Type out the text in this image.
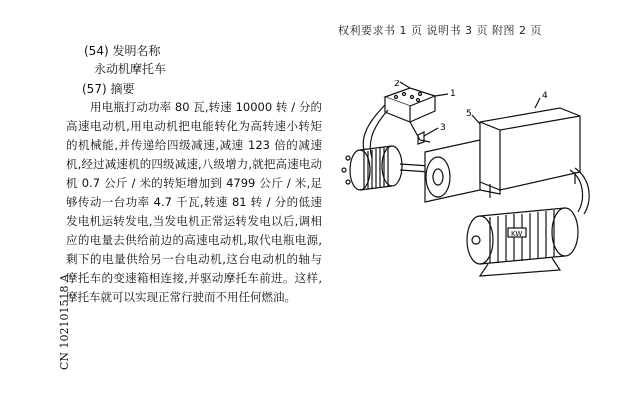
权利要求书 1 页 说明书 3 页 附图 2 页
(54) 发明名称
永动机摩托车
(57) 摘要

用电瓶打动功率 80 瓦,转速 10000 转 / 分的高速电动机,用电动机把电能转化为高转速小转矩的机械能,并传递给四级减速,减速 123 倍的减速机,经过减速机的四级减速,八级增力,就把高速电动机 0.7 公斤 / 米的转矩增加到 4799 公斤 / 米,足够传动一台功率 4.7 千瓦,转速 81 转 / 分的低速发电机运转发电,当发电机正常运转发电以后,调相应的电量去供给前边的高速电动机,取代电瓶电源,剩下的电量供给另一台电动机,这台电动机的轴与摩托车的变速箱相连接,并驱动摩托车前进。这样,摩托车就可以实现正常行驶而不用任何燃油。

CN 102101518 A
1
2
3
4
5
KW
